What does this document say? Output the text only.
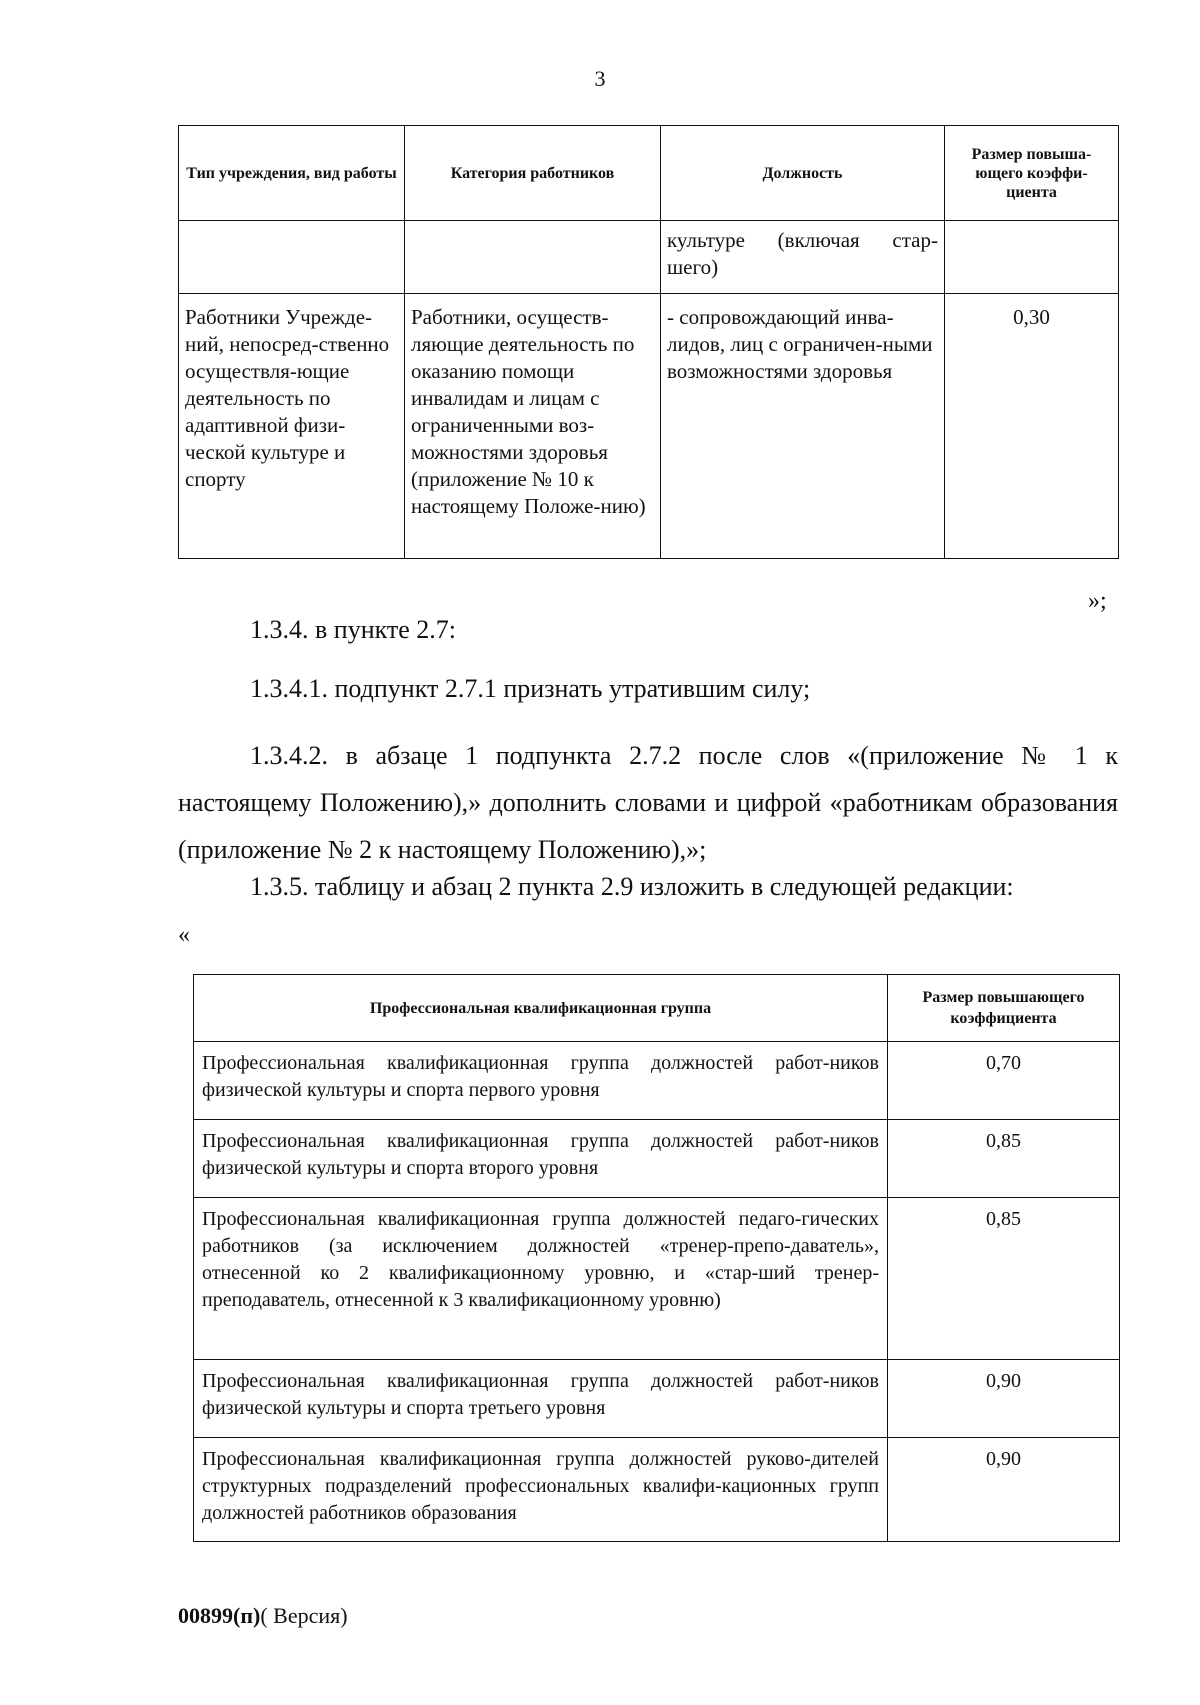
3
Тип учреждения, вид работы	Категория работников	Должность	Размер повыша-ющего коэффи-циента

		культуре (включая стар-
шего)	

Работники Учрежде-ний, непосред-ственно осуществля-ющие деятельность по адаптивной физи-ческой культуре и спорту	Работники, осуществ-ляющие деятельность по оказанию помощи инвалидам и лицам с ограниченными воз-можностями здоровья (приложение № 10 к настоящему Положе-нию)	- сопровождающий инва-лидов, лиц с ограничен-ными возможностями здоровья	0,30
»;

1.3.4. в пункте 2.7:

1.3.4.1. подпункт 2.7.1 признать утратившим силу;

1.3.4.2. в абзаце 1 подпункта 2.7.2 после слов «(приложение № 1 к настоящему Положению),» дополнить словами и цифрой «работникам образования (приложение № 2 к настоящему Положению),»;

1.3.5. таблицу и абзац 2 пункта 2.9 изложить в следующей редакции:

«
Профессиональная квалификационная группа	Размер повышающего коэффициента
Профессиональная квалификационная группа должностей работ-ников физической культуры и спорта первого уровня	0,70
Профессиональная квалификационная группа должностей работ-ников физической культуры и спорта второго уровня	0,85
Профессиональная квалификационная группа должностей педаго-гических работников (за исключением должностей «тренер-препо-даватель», отнесенной ко 2 квалификационному уровню, и «стар-ший тренер-преподаватель, отнесенной к 3 квалификационному уровню)	0,85
Профессиональная квалификационная группа должностей работ-ников физической культуры и спорта третьего уровня	0,90
Профессиональная квалификационная группа должностей руково-дителей структурных подразделений профессиональных квалифи-кационных групп должностей работников образования	0,90
00899(п)( Версия)
